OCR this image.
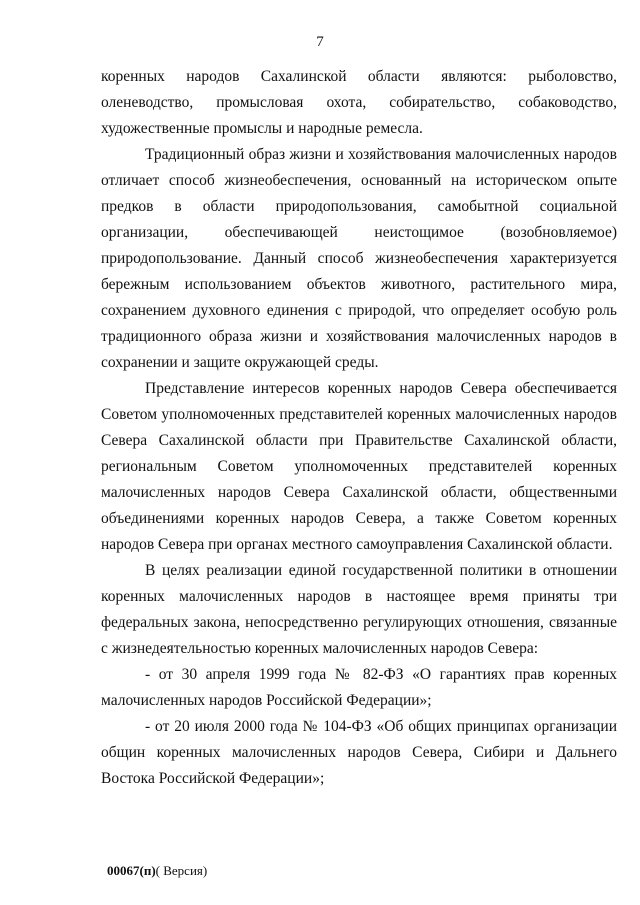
7

коренных народов Сахалинской области являются: рыболовство, оленеводство, промысловая охота, собирательство, собаководство, художественные промыслы и народные ремесла.

Традиционный образ жизни и хозяйствования малочисленных народов отличает способ жизнеобеспечения, основанный на историческом опыте предков в области природопользования, самобытной социальной организации, обеспечивающей неистощимое (возобновляемое) природопользование. Данный способ жизнеобеспечения характеризуется бережным использованием объектов животного, растительного мира, сохранением духовного единения с природой, что определяет особую роль традиционного образа жизни и хозяйствования малочисленных народов в сохранении и защите окружающей среды.

Представление интересов коренных народов Севера обеспечивается Советом уполномоченных представителей коренных малочисленных народов Севера Сахалинской области при Правительстве Сахалинской области, региональным Советом уполномоченных представителей коренных малочисленных народов Севера Сахалинской области, общественными объединениями коренных народов Севера, а также Советом коренных народов Севера при органах местного самоуправления Сахалинской области.

В целях реализации единой государственной политики в отношении коренных малочисленных народов в настоящее время приняты три федеральных закона, непосредственно регулирующих отношения, связанные с жизнедеятельностью коренных малочисленных народов Севера:

- от 30 апреля 1999 года № 82-ФЗ «О гарантиях прав коренных малочисленных народов Российской Федерации»;

- от 20 июля 2000 года № 104-ФЗ «Об общих принципах организации общин коренных малочисленных народов Севера, Сибири и Дальнего Востока Российской Федерации»;

00067(п)( Версия)
